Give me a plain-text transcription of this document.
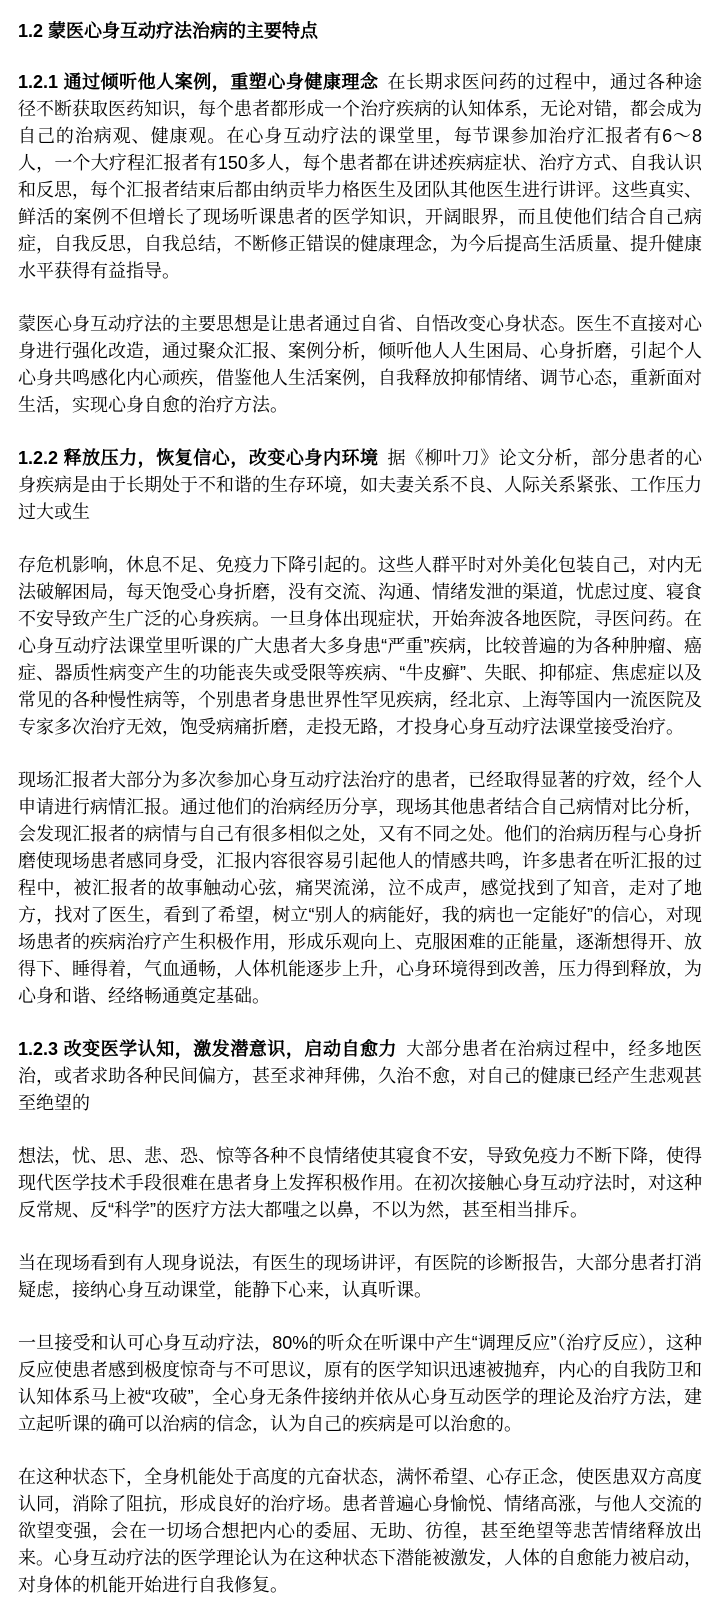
1.2 蒙医心身互动疗法治病的主要特点

1.2.1 通过倾听他人案例，重塑心身健康理念 在长期求医问药的过程中，通过各种途径不断获取医药知识，每个患者都形成一个治疗疾病的认知体系，无论对错，都会成为自己的治病观、健康观。在心身互动疗法的课堂里，每节课参加治疗汇报者有6～8人，一个大疗程汇报者有150多人，每个患者都在讲述疾病症状、治疗方式、自我认识和反思，每个汇报者结束后都由纳贡毕力格医生及团队其他医生进行讲评。这些真实、鲜活的案例不但增长了现场听课患者的医学知识，开阔眼界，而且使他们结合自己病症，自我反思，自我总结，不断修正错误的健康理念，为今后提高生活质量、提升健康水平获得有益指导。

蒙医心身互动疗法的主要思想是让患者通过自省、自悟改变心身状态。医生不直接对心身进行强化改造，通过聚众汇报、案例分析，倾听他人人生困局、心身折磨，引起个人心身共鸣感化内心顽疾，借鉴他人生活案例，自我释放抑郁情绪、调节心态，重新面对生活，实现心身自愈的治疗方法。

1.2.2 释放压力，恢复信心，改变心身内环境 据《柳叶刀》论文分析，部分患者的心身疾病是由于长期处于不和谐的生存环境，如夫妻关系不良、人际关系紧张、工作压力过大或生

存危机影响，休息不足、免疫力下降引起的。这些人群平时对外美化包装自己，对内无法破解困局，每天饱受心身折磨，没有交流、沟通、情绪发泄的渠道，忧虑过度、寝食不安导致产生广泛的心身疾病。一旦身体出现症状，开始奔波各地医院，寻医问药。在心身互动疗法课堂里听课的广大患者大多身患“严重”疾病，比较普遍的为各种肿瘤、癌症、器质性病变产生的功能丧失或受限等疾病、“牛皮癣”、失眠、抑郁症、焦虑症以及常见的各种慢性病等，个别患者身患世界性罕见疾病，经北京、上海等国内一流医院及专家多次治疗无效，饱受病痛折磨，走投无路，才投身心身互动疗法课堂接受治疗。

现场汇报者大部分为多次参加心身互动疗法治疗的患者，已经取得显著的疗效，经个人申请进行病情汇报。通过他们的治病经历分享，现场其他患者结合自己病情对比分析，会发现汇报者的病情与自己有很多相似之处，又有不同之处。他们的治病历程与心身折磨使现场患者感同身受，汇报内容很容易引起他人的情感共鸣，许多患者在听汇报的过程中，被汇报者的故事触动心弦，痛哭流涕，泣不成声，感觉找到了知音，走对了地方，找对了医生，看到了希望，树立“别人的病能好，我的病也一定能好”的信心，对现场患者的疾病治疗产生积极作用，形成乐观向上、克服困难的正能量，逐渐想得开、放得下、睡得着，气血通畅，人体机能逐步上升，心身环境得到改善，压力得到释放，为心身和谐、经络畅通奠定基础。

1.2.3 改变医学认知，激发潜意识，启动自愈力 大部分患者在治病过程中，经多地医治，或者求助各种民间偏方，甚至求神拜佛，久治不愈，对自己的健康已经产生悲观甚至绝望的

想法，忧、思、悲、恐、惊等各种不良情绪使其寝食不安，导致免疫力不断下降，使得现代医学技术手段很难在患者身上发挥积极作用。在初次接触心身互动疗法时，对这种反常规、反“科学”的医疗方法大都嗤之以鼻，不以为然，甚至相当排斥。

当在现场看到有人现身说法，有医生的现场讲评，有医院的诊断报告，大部分患者打消疑虑，接纳心身互动课堂，能静下心来，认真听课。

一旦接受和认可心身互动疗法，80%的听众在听课中产生“调理反应”（治疗反应），这种反应使患者感到极度惊奇与不可思议，原有的医学知识迅速被抛弃，内心的自我防卫和认知体系马上被“攻破”，全心身无条件接纳并依从心身互动医学的理论及治疗方法，建立起听课的确可以治病的信念，认为自己的疾病是可以治愈的。

在这种状态下，全身机能处于高度的亢奋状态，满怀希望、心存正念，使医患双方高度认同，消除了阻抗，形成良好的治疗场。患者普遍心身愉悦、情绪高涨，与他人交流的欲望变强，会在一切场合想把内心的委屈、无助、彷徨，甚至绝望等悲苦情绪释放出来。心身互动疗法的医学理论认为在这种状态下潜能被激发，人体的自愈能力被启动，对身体的机能开始进行自我修复。
